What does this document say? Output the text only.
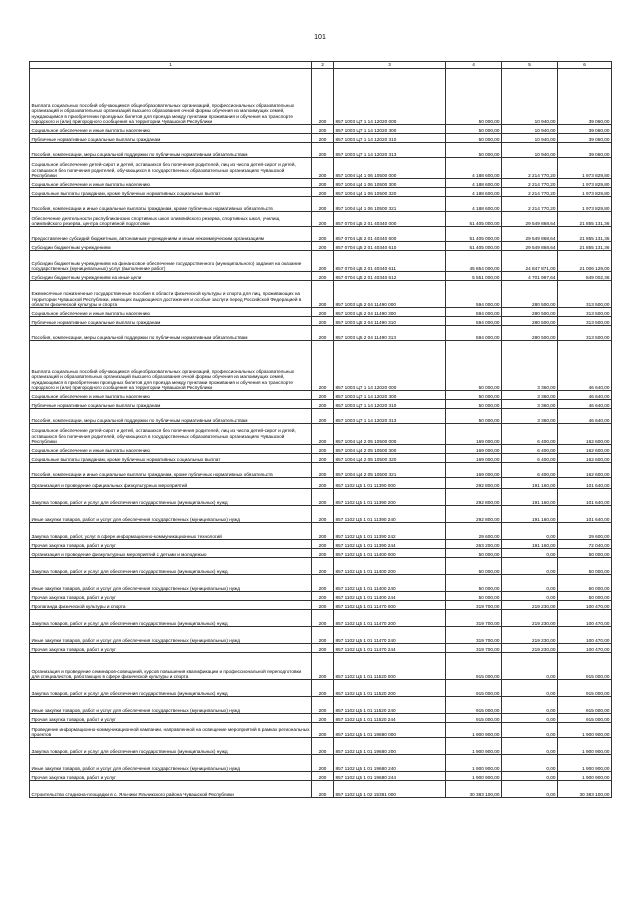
101
1	2	3	4	5	6
Выплата социальных пособий обучающимся общеобразовательных организаций, профессиональных образовательных организаций и образовательных организаций высшего образования очной формы обучения из малоимущих семей, нуждающимся в приобретении проездных билетов для проезда между пунктами проживания и обучения на транспорте городского и (или) пригородного сообщения на территории Чувашской Республики	200	857 1003 Ц7 1 14 12020 000	50 000,00	10 940,00	39 060,00
Социальное обеспечение и иные выплаты населению	200	857 1003 Ц7 1 14 12020 300	50 000,00	10 940,00	39 060,00
Публичные нормативные социальные выплаты гражданам	200	857 1003 Ц7 1 14 12020 310	50 000,00	10 940,00	39 060,00
Пособия, компенсации, меры социальной поддержки по публичным нормативным обязательствам	200	857 1003 Ц7 1 14 12020 313	50 000,00	10 940,00	39 060,00
Социальное обеспечение детей-сирот и детей, оставшихся без попечения родителей, лиц из числа детей-сирот и детей, оставшихся без попечения родителей, обучающихся в государственных образовательных организациях Чувашской Республики	200	857 1004 Ц4 1 06 10500 000	4 188 600,00	2 214 770,20	1 973 829,80
Социальное обеспечение и иные выплаты населению	200	857 1004 Ц4 1 06 10500 300	4 188 600,00	2 214 770,20	1 973 829,80
Социальные выплаты гражданам, кроме публичных нормативных социальных выплат	200	857 1004 Ц4 1 06 10500 320	4 188 600,00	2 214 770,20	1 973 829,80
Пособия, компенсации и иные социальные выплаты гражданам, кроме публичных нормативных обязательств	200	857 1004 Ц4 1 06 10500 321	4 188 600,00	2 214 770,20	1 973 829,80
Обеспечение деятельности республиканских спортивных школ олимпийского резерва, спортивных школ, училищ олимпийского резерва, центра спортивной подготовки	200	857 0704 Ц5 2 01 40340 000	51 405 000,00	29 549 868,64	21 855 131,36
Предоставление субсидий бюджетным, автономным учреждениям и иным некоммерческим организациям	200	857 0704 Ц5 2 01 40340 600	51 405 000,00	29 549 868,64	21 855 131,36
Субсидии бюджетным учреждениям	200	857 0704 Ц5 2 01 40340 610	51 405 000,00	29 549 868,64	21 855 131,36
Субсидии бюджетным учреждениям на финансовое обеспечение государственного (муниципального) задания на оказание государственных (муниципальных) услуг (выполнение работ)	200	857 0704 Ц5 2 01 40340 611	45 854 000,00	24 847 871,00	21 006 129,00
Субсидии бюджетным учреждениям на иные цели	200	857 0704 Ц5 2 01 40340 612	5 551 000,00	4 701 997,64	849 002,36
Ежемесячные пожизненные государственные пособия в области физической культуры и спорта для лиц, проживающих на территории Чувашской Республики, имеющих выдающиеся достижения и особые заслуги перед Российской Федерацией в области физической культуры и спорта	200	857 1003 Ц5 2 04 11490 000	594 000,00	280 500,00	313 500,00
Социальное обеспечение и иные выплаты населению	200	857 1003 Ц5 2 04 11490 300	594 000,00	280 500,00	313 500,00
Публичные нормативные социальные выплаты гражданам	200	857 1003 Ц5 2 04 11490 310	594 000,00	280 500,00	313 500,00
Пособия, компенсации, меры социальной поддержки по публичным нормативным обязательствам	200	857 1003 Ц5 2 04 11490 313	594 000,00	280 500,00	313 500,00
Выплата социальных пособий обучающимся общеобразовательных организаций, профессиональных образовательных организаций и образовательных организаций высшего образования очной формы обучения из малоимущих семей, нуждающимся в приобретении проездных билетов для проезда между пунктами проживания и обучения на транспорте городского и (или) пригородного сообщения на территории Чувашской Республики	200	857 1003 Ц7 1 14 12020 000	50 000,00	3 360,00	46 640,00
Социальное обеспечение и иные выплаты населению	200	857 1003 Ц7 1 14 12020 300	50 000,00	3 360,00	46 640,00
Публичные нормативные социальные выплаты гражданам	200	857 1003 Ц7 1 14 12020 310	50 000,00	3 360,00	46 640,00
Пособия, компенсации, меры социальной поддержки по публичным нормативным обязательствам	200	857 1003 Ц7 1 14 12020 313	50 000,00	3 360,00	46 640,00
Социальное обеспечение детей-сирот и детей, оставшихся без попечения родителей, лиц из числа детей-сирот и детей, оставшихся без попечения родителей, обучающихся в государственных образовательных организациях Чувашской Республики	200	857 1004 Ц4 2 05 10500 000	169 000,00	6 400,00	162 600,00
Социальное обеспечение и иные выплаты населению	200	857 1004 Ц4 2 05 10500 300	169 000,00	6 400,00	162 600,00
Социальные выплаты гражданам, кроме публичных нормативных социальных выплат	200	857 1004 Ц4 2 05 10500 320	169 000,00	6 400,00	162 600,00
Пособия, компенсации и иные социальные выплаты гражданам, кроме публичных нормативных обязательств	200	857 1004 Ц4 2 05 10500 321	169 000,00	6 400,00	162 600,00
Организация и проведение официальных физкультурных мероприятий	200	857 1102 Ц5 1 01 11390 000	292 800,00	191 160,00	101 640,00
Закупка товаров, работ и услуг для обеспечения государственных (муниципальных) нужд	200	857 1102 Ц5 1 01 11390 200	292 800,00	191 160,00	101 640,00
Иные закупки товаров, работ и услуг для обеспечения государственных (муниципальных) нужд	200	857 1102 Ц5 1 01 11390 240	292 800,00	191 160,00	101 640,00
Закупка товаров, работ, услуг в сфере информационно-коммуникационных технологий	200	857 1102 Ц5 1 01 11390 242	29 600,00	0,00	29 600,00
Прочая закупка товаров, работ и услуг	200	857 1102 Ц5 1 01 11390 244	263 200,00	191 160,00	72 040,00
Организация и проведение физкультурных мероприятий с детьми и молодежью	200	857 1102 Ц5 1 01 11400 000	50 000,00	0,00	50 000,00
Закупка товаров, работ и услуг для обеспечения государственных (муниципальных) нужд	200	857 1102 Ц5 1 01 11400 200	50 000,00	0,00	50 000,00
Иные закупки товаров, работ и услуг для обеспечения государственных (муниципальных) нужд	200	857 1102 Ц5 1 01 11400 240	50 000,00	0,00	50 000,00
Прочая закупка товаров, работ и услуг	200	857 1102 Ц5 1 01 11400 244	50 000,00	0,00	50 000,00
Пропаганда физической культуры и спорта	200	857 1102 Ц5 1 01 11470 000	319 700,00	219 230,00	100 470,00
Закупка товаров, работ и услуг для обеспечения государственных (муниципальных) нужд	200	857 1102 Ц5 1 01 11470 200	319 700,00	219 230,00	100 470,00
Иные закупки товаров, работ и услуг для обеспечения государственных (муниципальных) нужд	200	857 1102 Ц5 1 01 11470 240	319 700,00	219 230,00	100 470,00
Прочая закупка товаров, работ и услуг	200	857 1102 Ц5 1 01 11470 244	319 700,00	219 230,00	100 470,00
Организация и проведение семинаров-совещаний, курсов повышения квалификации и профессиональной переподготовки для специалистов, работающих в сфере физической культуры и спорта	200	857 1102 Ц5 1 01 11520 000	915 000,00	0,00	915 000,00
Закупка товаров, работ и услуг для обеспечения государственных (муниципальных) нужд	200	857 1102 Ц5 1 01 11520 200	915 000,00	0,00	915 000,00
Иные закупки товаров, работ и услуг для обеспечения государственных (муниципальных) нужд	200	857 1102 Ц5 1 01 11520 240	915 000,00	0,00	915 000,00
Прочая закупка товаров, работ и услуг	200	857 1102 Ц5 1 01 11520 244	915 000,00	0,00	915 000,00
Проведение информационно-коммуникационной кампании, направленной на освещение мероприятий в рамках региональных проектов	200	857 1102 Ц5 1 01 19680 000	1 900 900,00	0,00	1 900 900,00
Закупка товаров, работ и услуг для обеспечения государственных (муниципальных) нужд	200	857 1102 Ц5 1 01 19680 200	1 900 900,00	0,00	1 900 900,00
Иные закупки товаров, работ и услуг для обеспечения государственных (муниципальных) нужд	200	857 1102 Ц5 1 01 19680 240	1 900 900,00	0,00	1 900 900,00
Прочая закупка товаров, работ и услуг	200	857 1102 Ц5 1 01 19680 244	1 900 900,00	0,00	1 900 900,00
Строительство стадиона-площадки в с. Яльчики Яльчикского района Чувашской Республики	200	857 1102 Ц5 1 02 15381 000	30 383 100,00	0,00	30 383 100,00
